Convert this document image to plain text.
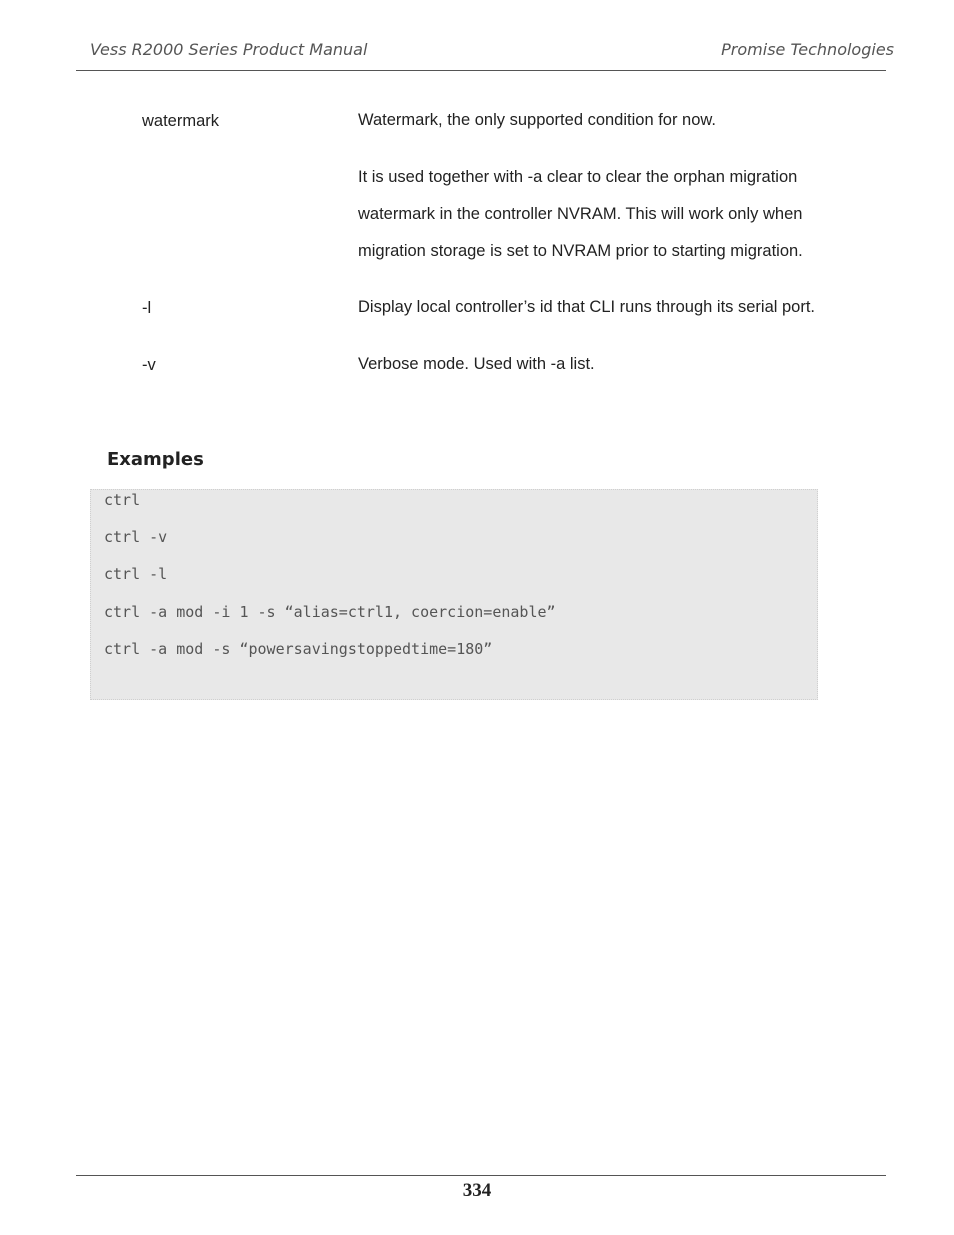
Vess R2000 Series Product Manual	Promise Technologies
watermark	Watermark, the only supported condition for now.

It is used together with -a clear to clear the orphan migration

watermark in the controller NVRAM. This will work only when

migration storage is set to NVRAM prior to starting migration.

-l	Display local controller’s id that CLI runs through its serial port.

-v	Verbose mode. Used with -a list.

Examples
ctrl
ctrl -v
ctrl -l
ctrl -a mod -i 1 -s “alias=ctrl1, coercion=enable”
ctrl -a mod -s “powersavingstoppedtime=180”
334
